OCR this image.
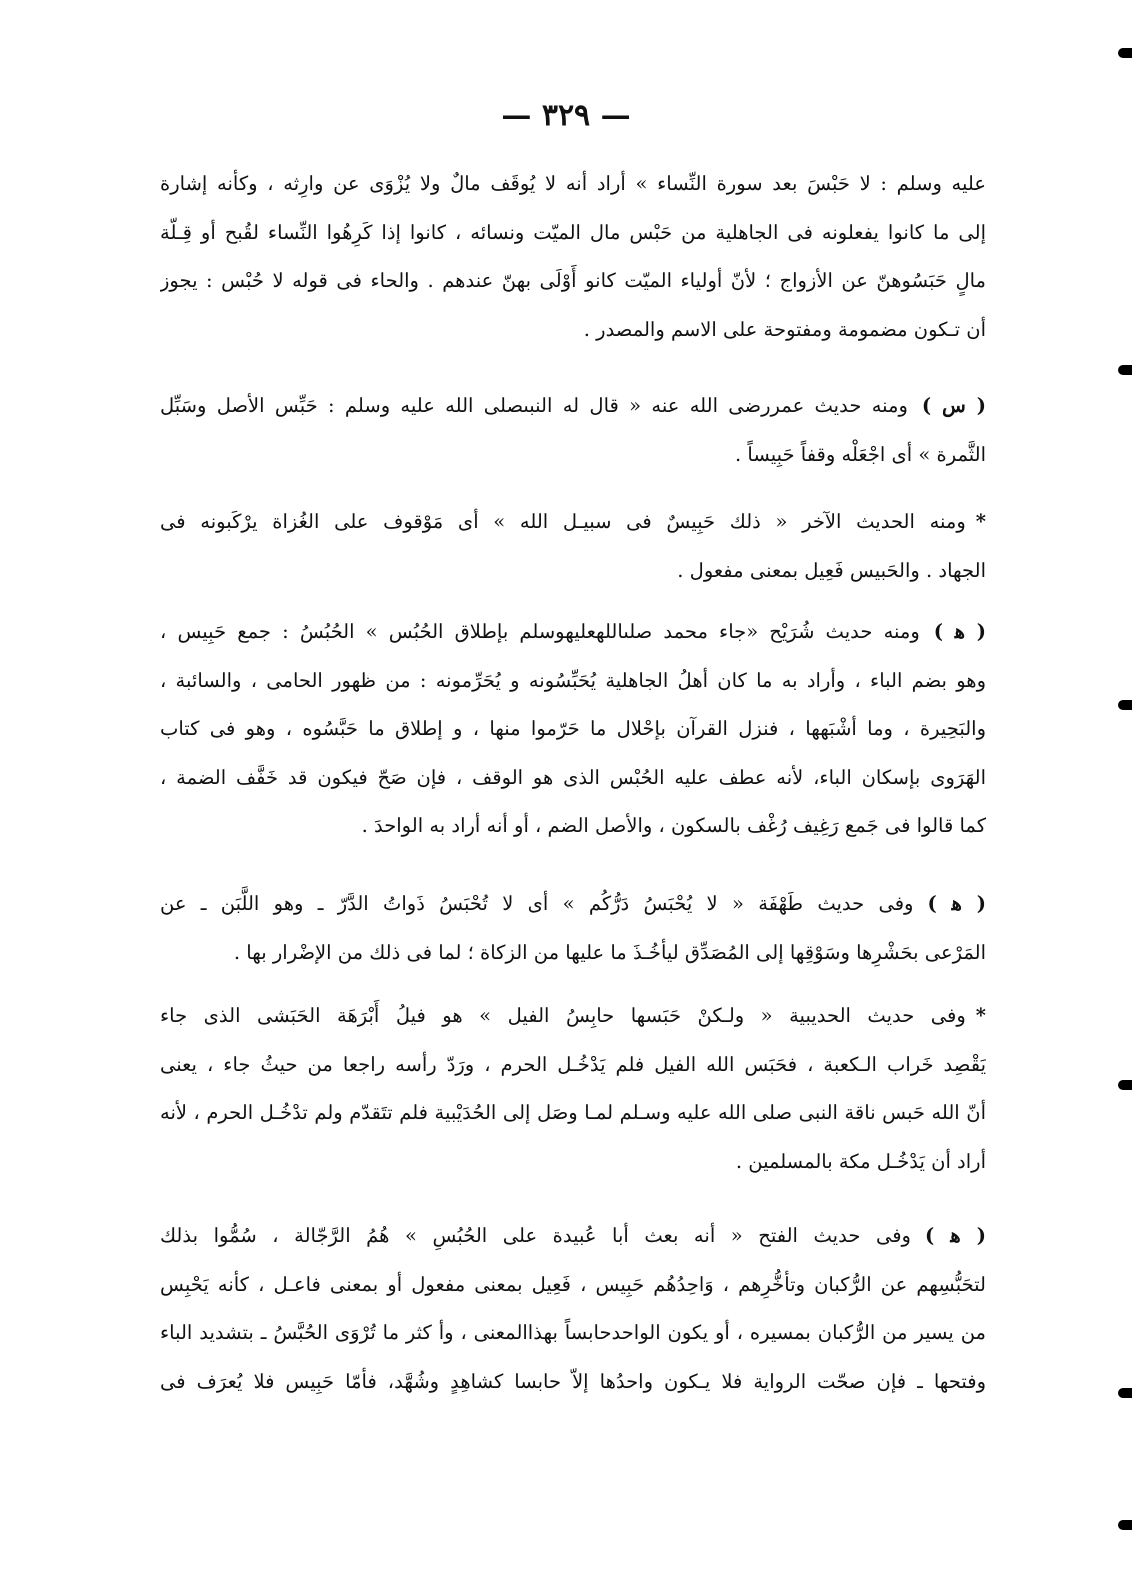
— ٣٢٩ —
عليه وسلم : لا حَبْسَ بعد سورة النِّساء » أراد أنه لا يُوقَف مالٌ ولا يُزْوَى عن وارِثه ، وكأنه إشارة
إلى ما كانوا يفعلونه فى الجاهلية من حَبْس مال الميّت ونسائه ، كانوا إذا كَرِهُوا النِّساء لقُبح أو قِـلّة
مالٍ حَبَسُوهنّ عن الأزواج ؛ لأنّ أولياء الميّت كانو أَوْلَى بهنّ عندهم . والحاء فى قوله لا حُبْس : يجوز
أن تـكون مضمومة ومفتوحة على الاسم والمصدر .
( س )ومنه حديث عمررضى الله عنه « قال له النبىصلى الله عليه وسلم : حَبِّس الأصل وسَبِّل
الثَّمرة » أى اجْعَلْه وقفاً حَبِيساً .
*ومنه الحديث الآخر « ذلك حَبِيسٌ فى سبيـل الله » أى مَوْقوف على الغُزاة يرْكَبونه فى
الجهاد . والحَبيس فَعِيل بمعنى مفعول .
( ﻫ )ومنه حديث شُرَيْح «جاء محمد صلىاللهعليهوسلم بإطلاق الحُبُس » الحُبُسُ : جمع حَبِيس ،
وهو بضم الباء ، وأراد به ما كان أهلُ الجاهلية يُحَبِّسُونه و يُحَرِّمونه : من ظهور الحامى ، والسائبة ،
والبَحِيرة ، وما أشْبَهها ، فنزل القرآن بإحْلال ما حَرّموا منها ، و إطلاق ما حَبَّسُوه ، وهو فى كتاب
الهَرَوى بإسكان الباء، لأنه عطف عليه الحُبْس الذى هو الوقف ، فإن صَحّ فيكون قد خَفَّف الضمة ،
كما قالوا فى جَمع رَغِيف رُغْف بالسكون ، والأصل الضم ، أو أنه أراد به الواحدَ .
( ﻫ )وفى حديث طَهْفَة « لا يُحْبَسُ دَرُّكُم » أى لا تُحْبَسُ ذَواتُ الدَّرّ ـ وهو اللَّبَن ـ عن
المَرْعى بحَشْرِها وسَوْقِها إلى المُصَدِّق ليأخُـذَ ما عليها من الزكاة ؛ لما فى ذلك من الإضْرار بها .
*وفى حديث الحديبية « ولـكنْ حَبَسها حابِسُ الفيل » هو فيلُ أَبْرَهَة الحَبَشى الذى جاء
يَقْصِد خَراب الـكعبة ، فحَبَس الله الفيل فلم يَدْخُـل الحرم ، ورَدّ رأسه راجعا من حيثُ جاء ، يعنى
أنّ الله حَبس ناقة النبى صلى الله عليه وسـلم لمـا وصَل إلى الحُدَيْبية فلم تتَقدّم ولم تدْخُـل الحرم ، لأنه
أراد أن يَدْخُـل مكة بالمسلمين .
( ﻫ )وفى حديث الفتح « أنه بعث أبا عُبيدة على الحُبُسِ » هُمُ الرَّجّالة ، سُمُّوا بذلك
لتحَبُّسِهم عن الرُّكبان وتأخُّرِهم ، وَاحِدُهُم حَبِيس ، فَعِيل بمعنى مفعول أو بمعنى فاعـل ، كأنه يَحْبِس
من يسير من الرُّكبان بمسيره ، أو يكون الواحدحابساً بهذاالمعنى ، وأ كثر ما تُرْوَى الحُبَّسُ ـ بتشديد الباء
وفتحها ـ فإن صحّت الرواية فلا يـكون واحدُها إلاّ حابسا كشاهِدٍ وشُهَّد، فأمّا حَبِيس فلا يُعرَف فى
